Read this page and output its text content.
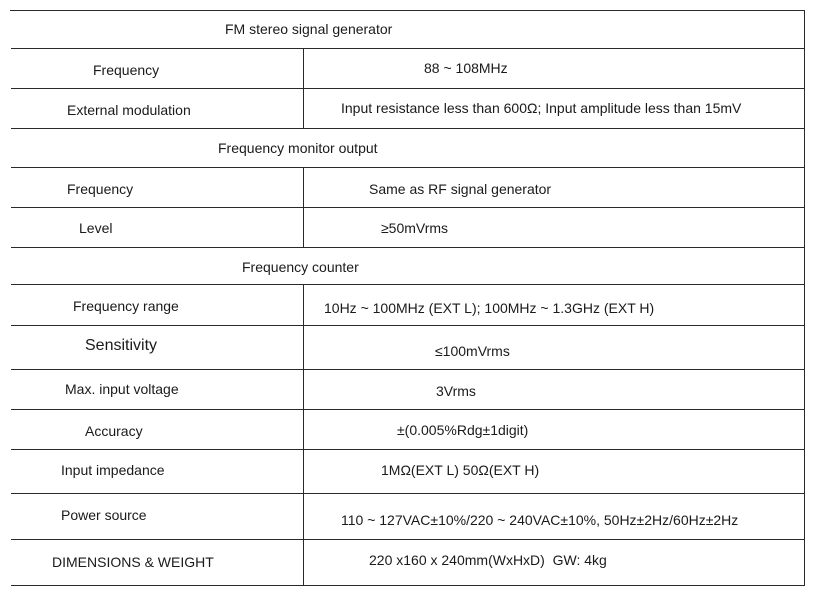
FM stereo signal generator
Frequency	88 ~ 108MHz
External modulation	Input resistance less than 600Ω; Input amplitude less than 15mV
Frequency monitor output
Frequency	Same as RF signal generator
Level	≥50mVrms
Frequency counter
Frequency range	10Hz ~ 100MHz (EXT L); 100MHz ~ 1.3GHz (EXT H)
Sensitivity	≤100mVrms
Max. input voltage	3Vrms
Accuracy	±(0.005%Rdg±1digit)
Input impedance	1MΩ(EXT L) 50Ω(EXT H)
Power source	110 ~ 127VAC±10%/220 ~ 240VAC±10%, 50Hz±2Hz/60Hz±2Hz
DIMENSIONS & WEIGHT	220 x160 x 240mm(WxHxD)  GW: 4kg
